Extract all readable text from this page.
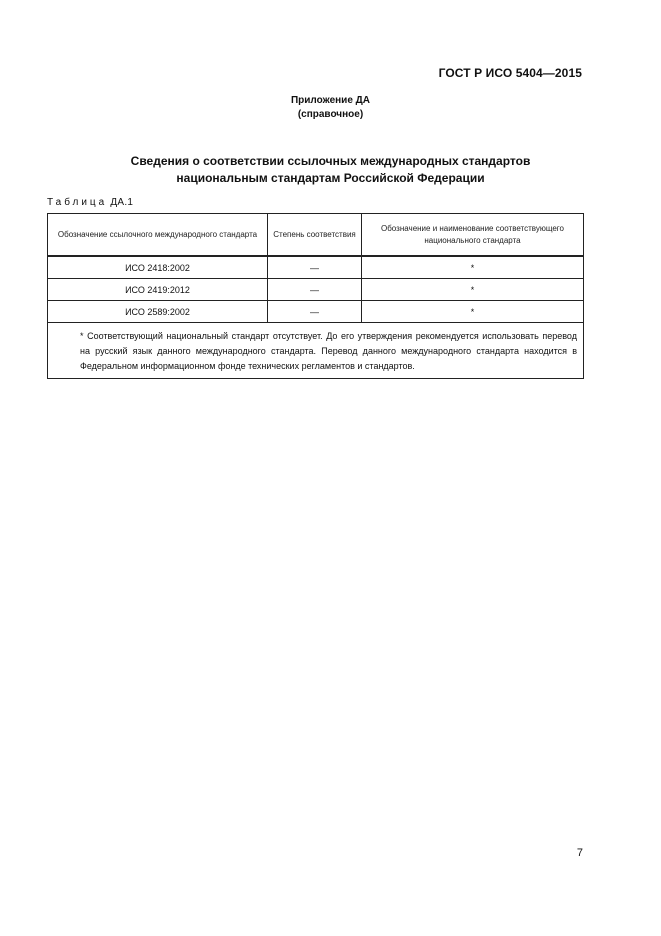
ГОСТ Р ИСО 5404—2015
Приложение ДА
(справочное)
Сведения о соответствии ссылочных международных стандартов
национальным стандартам Российской Федерации
Таблица ДА.1
Обозначение ссылочного международного стандарта	Степень соответствия	Обозначение и наименование соответствующего национального стандарта
ИСО 2418:2002	—	*
ИСО 2419:2012	—	*
ИСО 2589:2002	—	*

* Соответствующий национальный стандарт отсутствует. До его утверждения рекомендуется использовать перевод на русский язык данного международного стандарта. Перевод данного международного стандарта находится в Федеральном информационном фонде технических регламентов и стандартов.		
7
